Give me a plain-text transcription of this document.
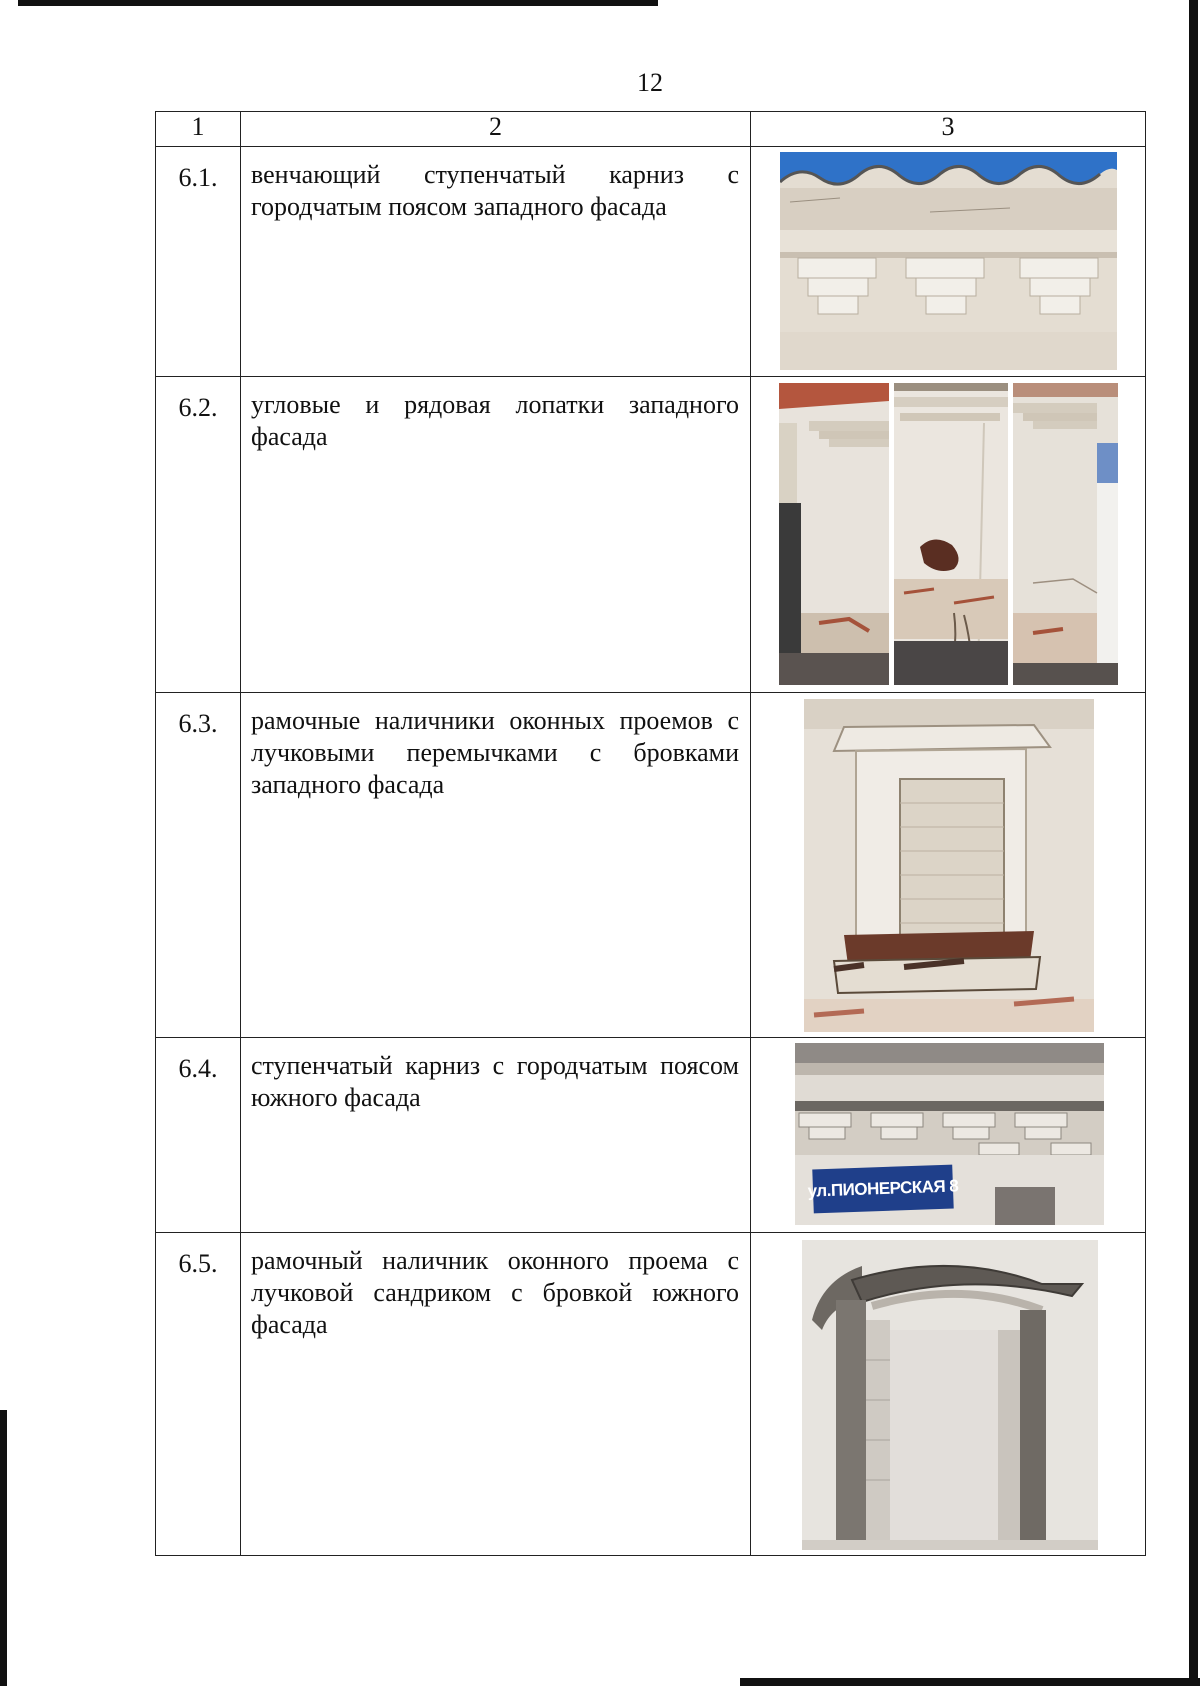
12
1	2	3
6.1.	венчающий ступенчатый карниз с городчатым поясом западного фасада	

6.2.	угловые и рядовая лопатки западного фасада	

6.3.	рамочные наличники оконных проемов с лучковыми перемычками с бровками западного фасада	

6.4.	ступенчатый карниз с городчатым поясом южного фасада	ул.ПИОНЕРСКАЯ 8

6.5.	рамочный наличник оконного проема с лучковой сандриком с бровкой южного фасада	
